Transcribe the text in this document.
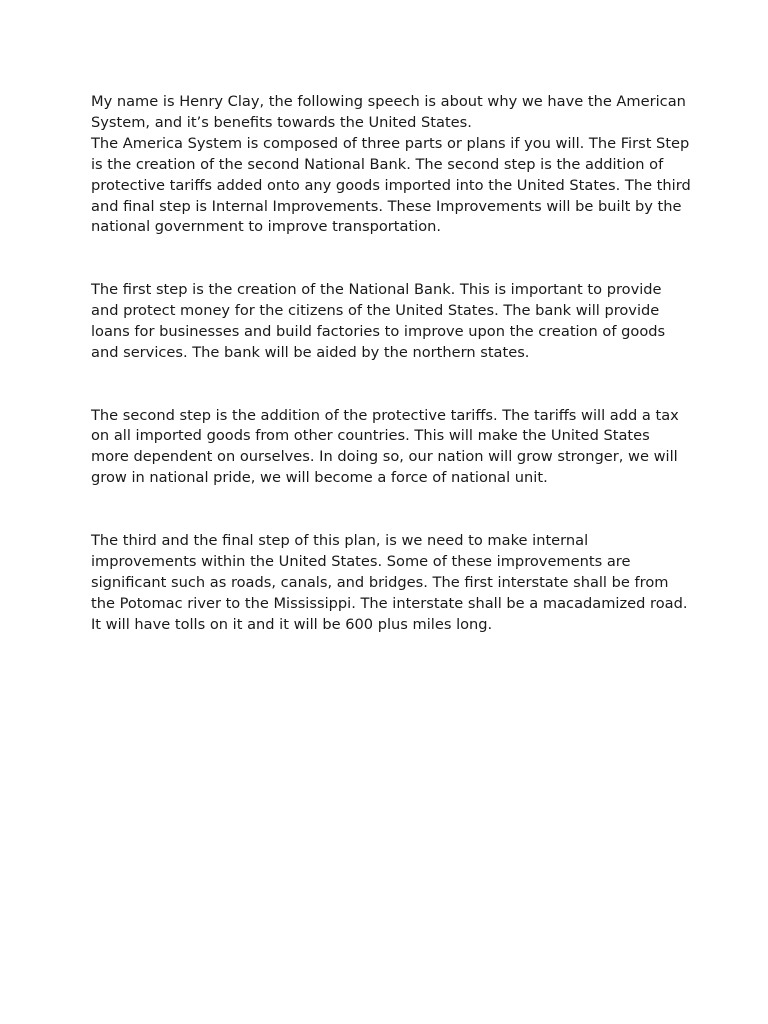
My name is Henry Clay, the following speech is about why we have the American System, and it’s benefits towards the United States.

The America System is composed of three parts or plans if you will. The First Step is the creation of the second National Bank. The second step is the addition of protective tariffs added onto any goods imported into the United States. The third and final step is Internal Improvements. These Improvements will be built by the national government to improve transportation.

The first step is the creation of the National Bank. This is important to provide and protect money for the citizens of the United States. The bank will provide loans for businesses and build factories to improve upon the creation of goods and services. The bank will be aided by the northern states.

The second step is the addition of the protective tariffs. The tariffs will add a tax on all imported goods from other countries. This will make the United States more dependent on ourselves. In doing so, our nation will grow stronger, we will grow in national pride, we will become a force of national unit.

The third and the final step of this plan, is we need to make internal improvements within the United States. Some of these improvements are significant such as roads, canals, and bridges. The first interstate shall be from the Potomac river to the Mississippi. The interstate shall be a macadamized road. It will have tolls on it and it will be 600 plus miles long.
